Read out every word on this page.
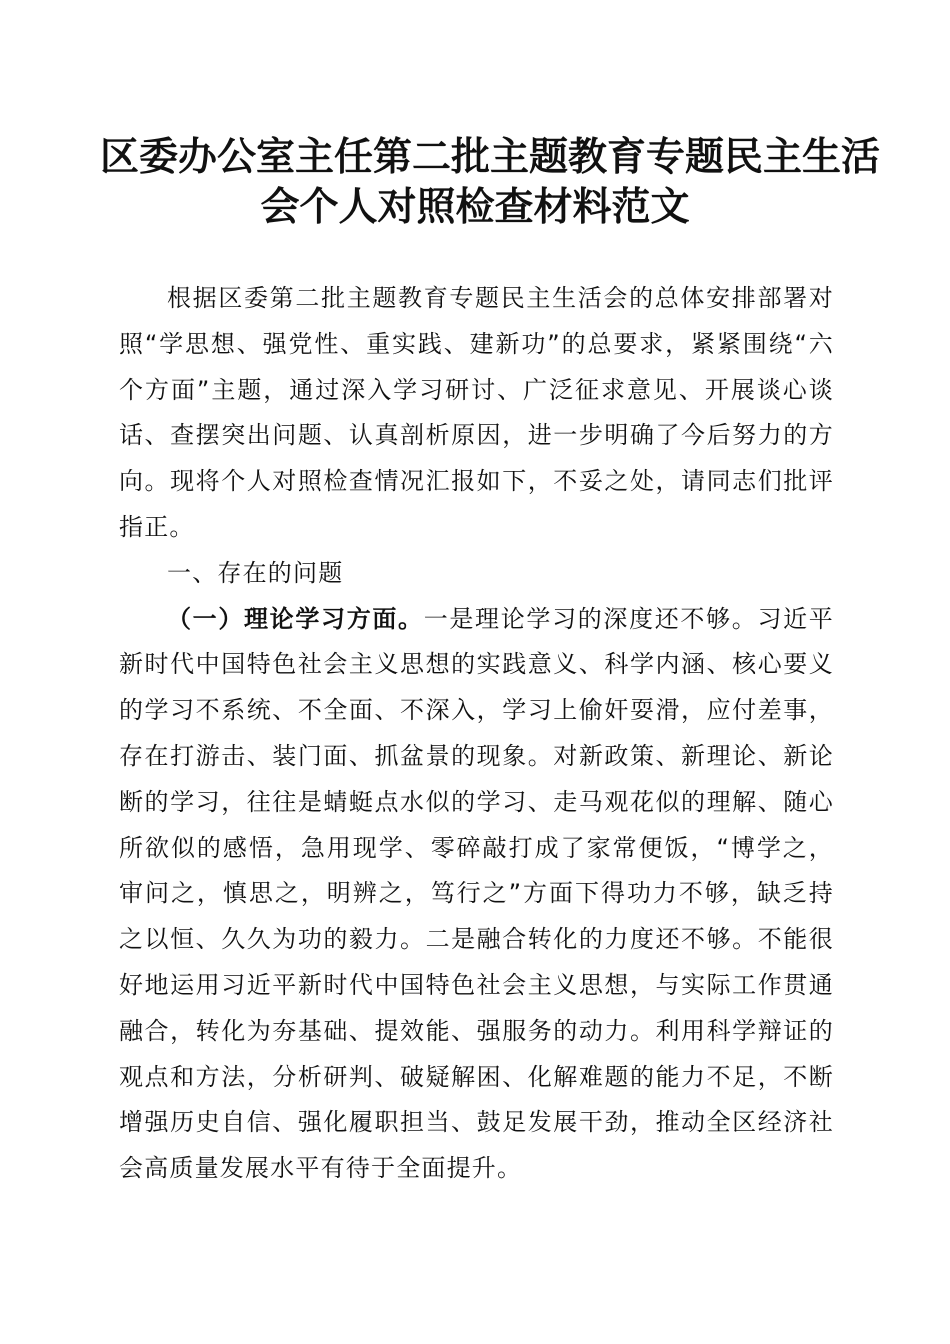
区委办公室主任第二批主题教育专题民主生活
会个人对照检查材料范文

根据区委第二批主题教育专题民主生活会的总体安排部署对照“学思想、强党性、重实践、建新功”的总要求，紧紧围绕“六个方面”主题，通过深入学习研讨、广泛征求意见、开展谈心谈话、查摆突出问题、认真剖析原因，进一步明确了今后努力的方向。现将个人对照检查情况汇报如下，不妥之处，请同志们批评指正。

一、存在的问题

（一）理论学习方面。一是理论学习的深度还不够。习近平新时代中国特色社会主义思想的实践意义、科学内涵、核心要义的学习不系统、不全面、不深入，学习上偷奸耍滑，应付差事，存在打游击、装门面、抓盆景的现象。对新政策、新理论、新论断的学习，往往是蜻蜓点水似的学习、走马观花似的理解、随心所欲似的感悟，急用现学、零碎敲打成了家常便饭，“博学之，审问之，慎思之，明辨之，笃行之”方面下得功力不够，缺乏持之以恒、久久为功的毅力。二是融合转化的力度还不够。不能很好地运用习近平新时代中国特色社会主义思想，与实际工作贯通融合，转化为夯基础、提效能、强服务的动力。利用科学辩证的观点和方法，分析研判、破疑解困、化解难题的能力不足，不断增强历史自信、强化履职担当、鼓足发展干劲，推动全区经济社会高质量发展水平有待于全面提升。
